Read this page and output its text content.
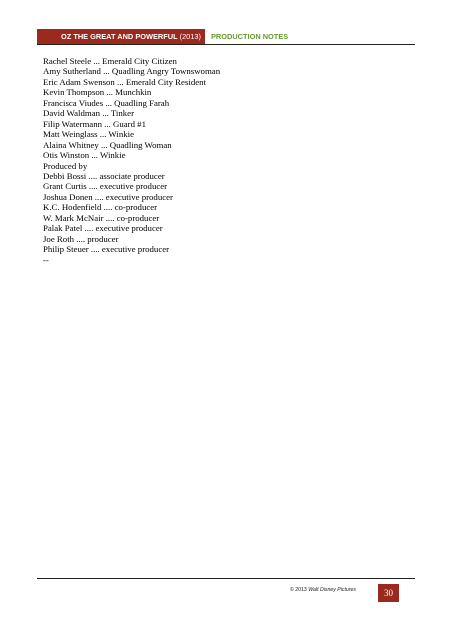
OZ THE GREAT AND POWERFUL (2013)	PRODUCTION NOTES
Rachel Steele ... Emerald City Citizen
Amy Sutherland ... Quadling Angry Townswoman
Eric Adam Swenson ... Emerald City Resident
Kevin Thompson ... Munchkin
Francisca Viudes ... Quadling Farah
David Waldman ... Tinker
Filip Watermann ... Guard #1
Matt Weinglass ... Winkie
Alaina Whitney ... Quadling Woman
Otis Winston ... Winkie
Produced by
Debbi Bossi .... associate producer
Grant Curtis .... executive producer
Joshua Donen .... executive producer
K.C. Hodenfield .... co-producer
W. Mark McNair .... co-producer
Palak Patel .... executive producer
Joe Roth .... producer
Philip Steuer .... executive producer
--
© 2013 Walt Disney Pictures	30
